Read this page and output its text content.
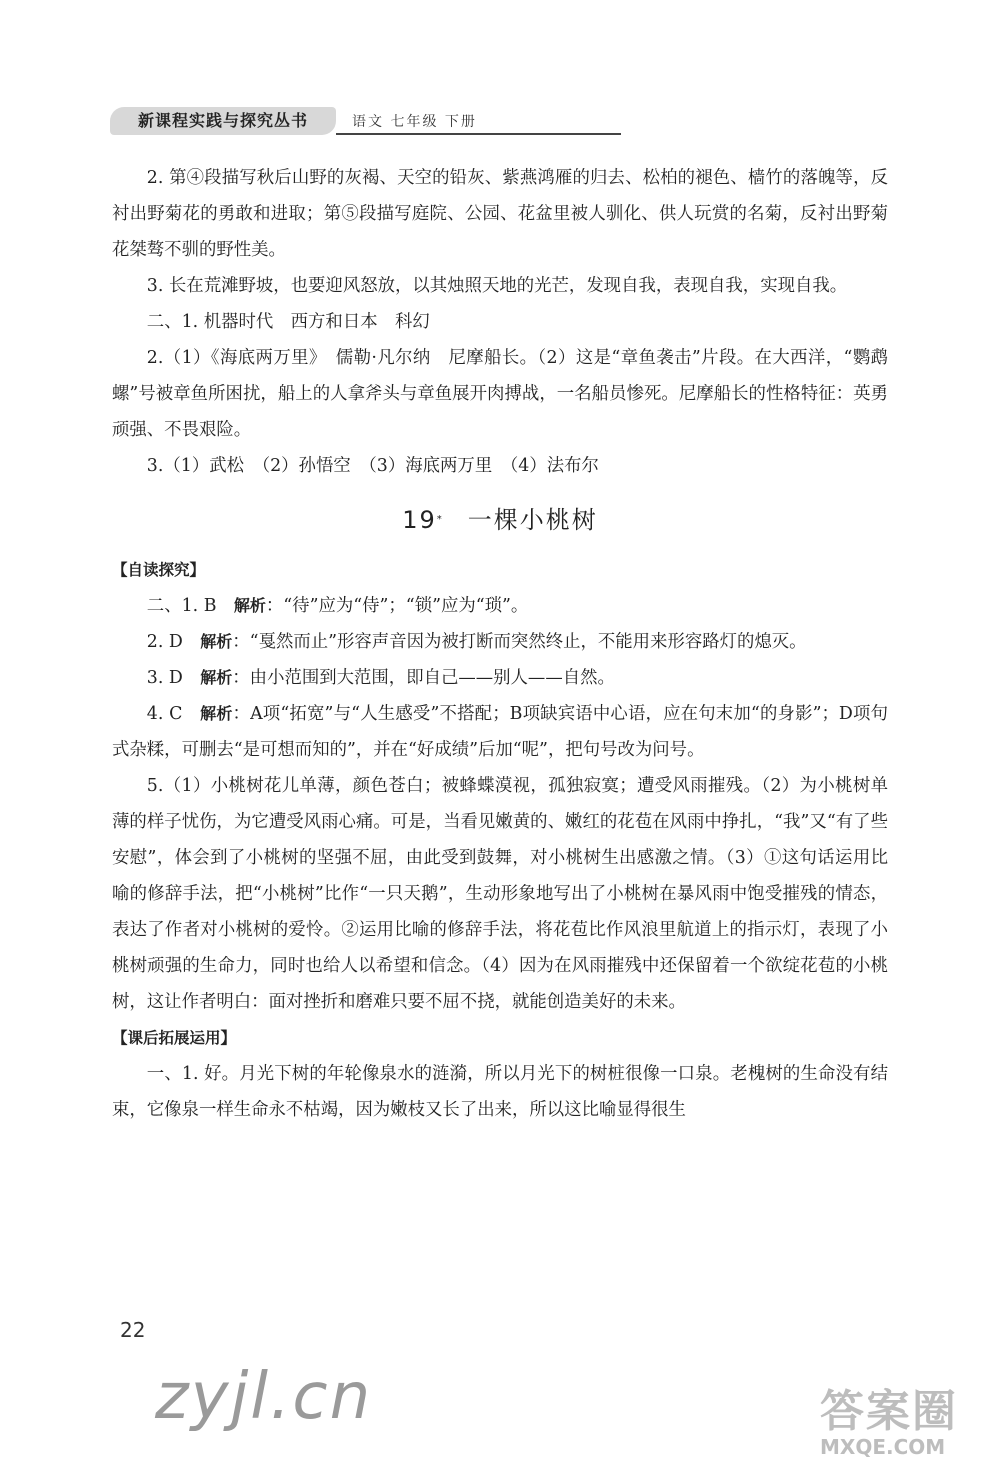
新课程实践与探究丛书	语文 七年级 下册

2. 第④段描写秋后山野的灰褐、天空的铅灰、紫燕鸿雁的归去、松柏的褪色、樯竹的落魄等，反衬出野菊花的勇敢和进取；第⑤段描写庭院、公园、花盆里被人驯化、供人玩赏的名菊，反衬出野菊花桀骜不驯的野性美。

3. 长在荒滩野坡，也要迎风怒放，以其烛照天地的光芒，发现自我，表现自我，实现自我。

二、1. 机器时代　西方和日本　科幻

2.（1）《海底两万里》　儒勒·凡尔纳　尼摩船长。（2）这是“章鱼袭击”片段。在大西洋，“鹦鹉螺”号被章鱼所困扰，船上的人拿斧头与章鱼展开肉搏战，一名船员惨死。尼摩船长的性格特征：英勇顽强、不畏艰险。

3.（1）武松　（2）孙悟空　（3）海底两万里　（4）法布尔

19* 一棵小桃树

【自读探究】

二、1. B　解析：“待”应为“侍”；“锁”应为“琐”。

2. D　解析：“戛然而止”形容声音因为被打断而突然终止，不能用来形容路灯的熄灭。

3. D　解析：由小范围到大范围，即自己——别人——自然。

4. C　解析：A项“拓宽”与“人生感受”不搭配；B项缺宾语中心语，应在句末加“的身影”；D项句式杂糅，可删去“是可想而知的”，并在“好成绩”后加“呢”，把句号改为问号。

5.（1）小桃树花儿单薄，颜色苍白；被蜂蝶漠视，孤独寂寞；遭受风雨摧残。（2）为小桃树单薄的样子忧伤，为它遭受风雨心痛。可是，当看见嫩黄的、嫩红的花苞在风雨中挣扎，“我”又“有了些安慰”，体会到了小桃树的坚强不屈，由此受到鼓舞，对小桃树生出感激之情。（3）①这句话运用比喻的修辞手法，把“小桃树”比作“一只天鹅”，生动形象地写出了小桃树在暴风雨中饱受摧残的情态，表达了作者对小桃树的爱怜。②运用比喻的修辞手法，将花苞比作风浪里航道上的指示灯，表现了小桃树顽强的生命力，同时也给人以希望和信念。（4）因为在风雨摧残中还保留着一个欲绽花苞的小桃树，这让作者明白：面对挫折和磨难只要不屈不挠，就能创造美好的未来。

【课后拓展运用】

一、1. 好。月光下树的年轮像泉水的涟漪，所以月光下的树桩很像一口泉。老槐树的生命没有结束，它像泉一样生命永不枯竭，因为嫩枝又长了出来，所以这比喻显得很生

22
zyjl.cn	答案圈
MXQE.COM
